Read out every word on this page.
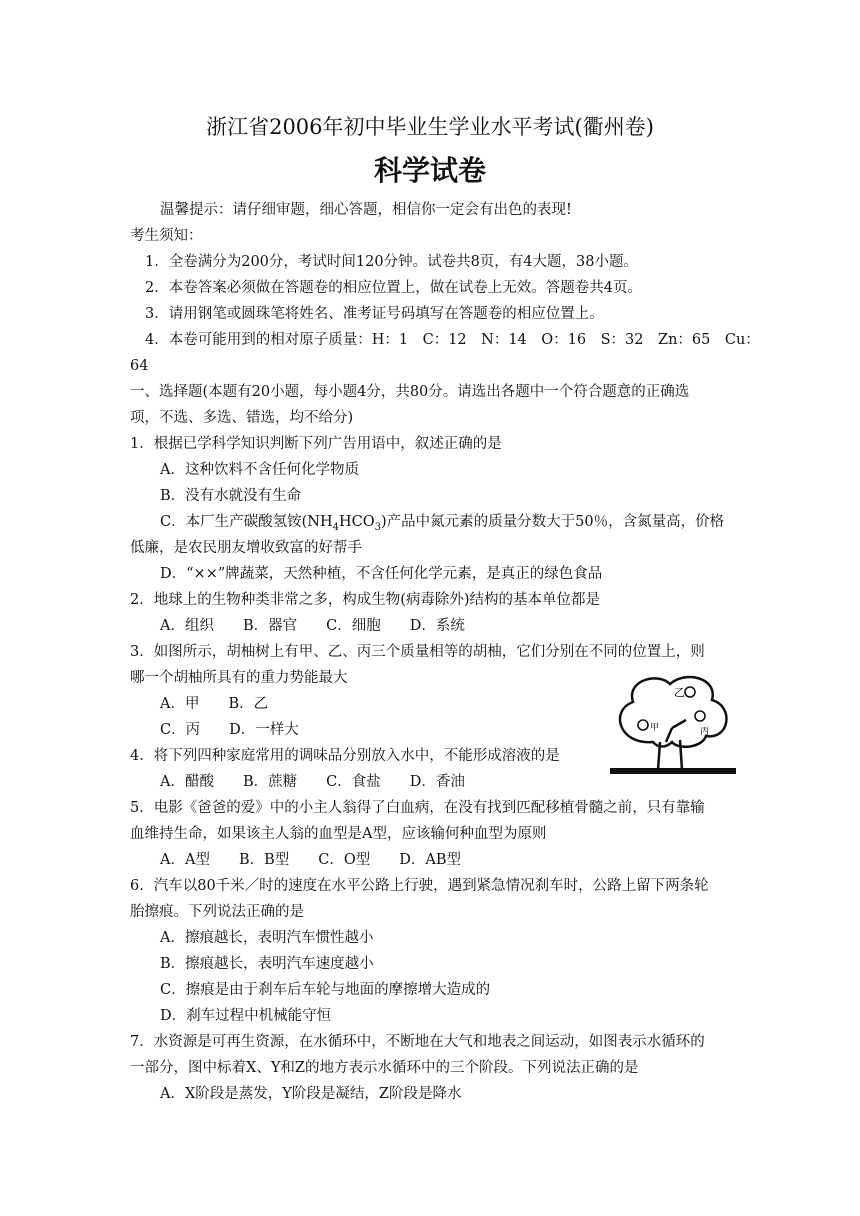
浙江省2006年初中毕业生学业水平考试(衢州卷)
科学试卷
温馨提示：请仔细审题，细心答题，相信你一定会有出色的表现!
考生须知：
1．全卷满分为200分，考试时间120分钟。试卷共8页，有4大题，38小题。
2．本卷答案必须做在答题卷的相应位置上，做在试卷上无效。答题卷共4页。
3．请用钢笔或圆珠笔将姓名、准考证号码填写在答题卷的相应位置上。
4．本卷可能用到的相对原子质量：H：1　C：12　N：14　O：16　S：32　Zn：65　Cu：
64
一、选择题(本题有20小题，每小题4分，共80分。请选出各题中一个符合题意的正确选
项，不选、多选、错选，均不给分)
1．根据已学科学知识判断下列广告用语中，叙述正确的是
A．这种饮料不含任何化学物质
B．没有水就没有生命
C．本厂生产碳酸氢铵$(NH_4HCO_3)$产品中氮元素的质量分数大于50％，含氮量高，价格
低廉，是农民朋友增收致富的好帮手
D．“××”牌蔬菜，天然种植，不含任何化学元素，是真正的绿色食品
2．地球上的生物种类非常之多，构成生物(病毒除外)结构的基本单位都是
A．组织　　B．器官　　C．细胞　　D．系统
3．如图所示，胡柚树上有甲、乙、丙三个质量相等的胡柚，它们分别在不同的位置上，则
哪一个胡柚所具有的重力势能最大
A．甲　　B．乙
C．丙　　D．一样大
乙
甲	丙
4．将下列四种家庭常用的调味品分别放入水中，不能形成溶液的是
A．醋酸　　B．蔗糖　　C．食盐　　D．香油
5．电影《爸爸的爱》中的小主人翁得了白血病，在没有找到匹配移植骨髓之前，只有靠输
血维持生命，如果该主人翁的血型是A型，应该输何种血型为原则
A．A型　　B．B型　　C．O型　　D．AB型
6．汽车以80千米／时的速度在水平公路上行驶，遇到紧急情况刹车时，公路上留下两条轮
胎擦痕。下列说法正确的是
A．擦痕越长，表明汽车惯性越小
B．擦痕越长，表明汽车速度越小
C．擦痕是由于刹车后车轮与地面的摩擦增大造成的
D．刹车过程中机械能守恒
7．水资源是可再生资源，在水循环中，不断地在大气和地表之间运动，如图表示水循环的
一部分，图中标着X、Y和Z的地方表示水循环中的三个阶段。下列说法正确的是
A．X阶段是蒸发，Y阶段是凝结，Z阶段是降水
